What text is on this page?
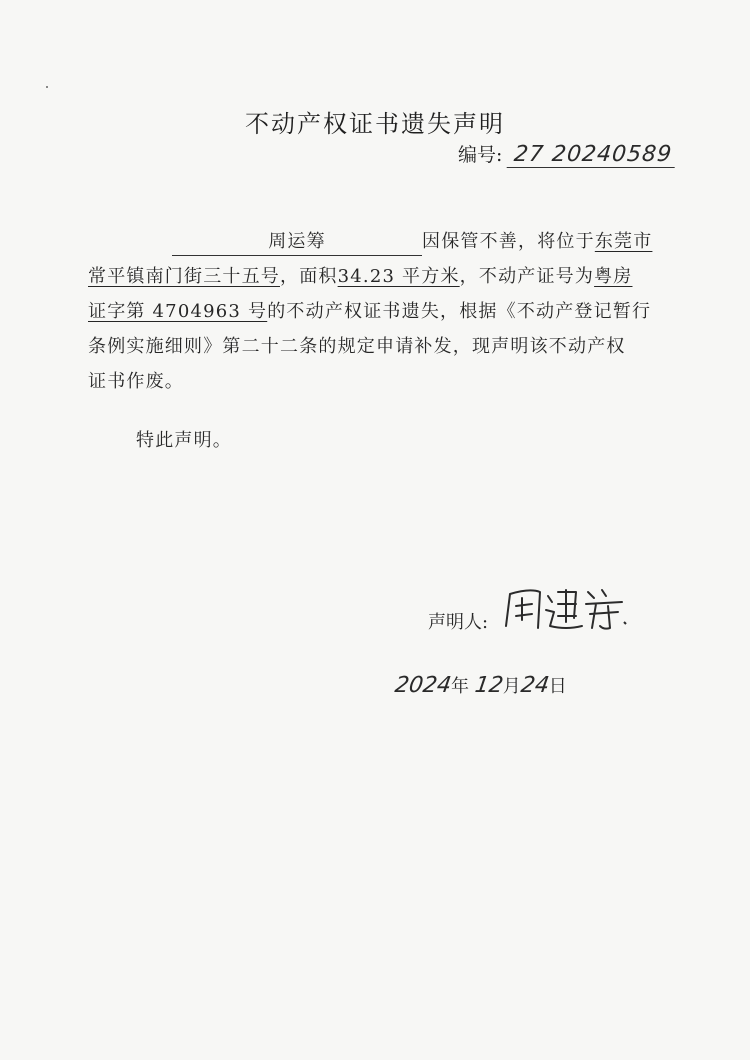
不动产权证书遗失声明
编号: 27 20240589
周运筹	因保管不善，将位于东莞市
常平镇南门街三十五号，面积34.23 平方米，不动产证号为粤房
证字第 4704963 号的不动产权证书遗失，根据《不动产登记暂行
条例实施细则》第二十二条的规定申请补发，现声明该不动产权
证书作废。
特此声明。
声明人:
2024年 12月24日
